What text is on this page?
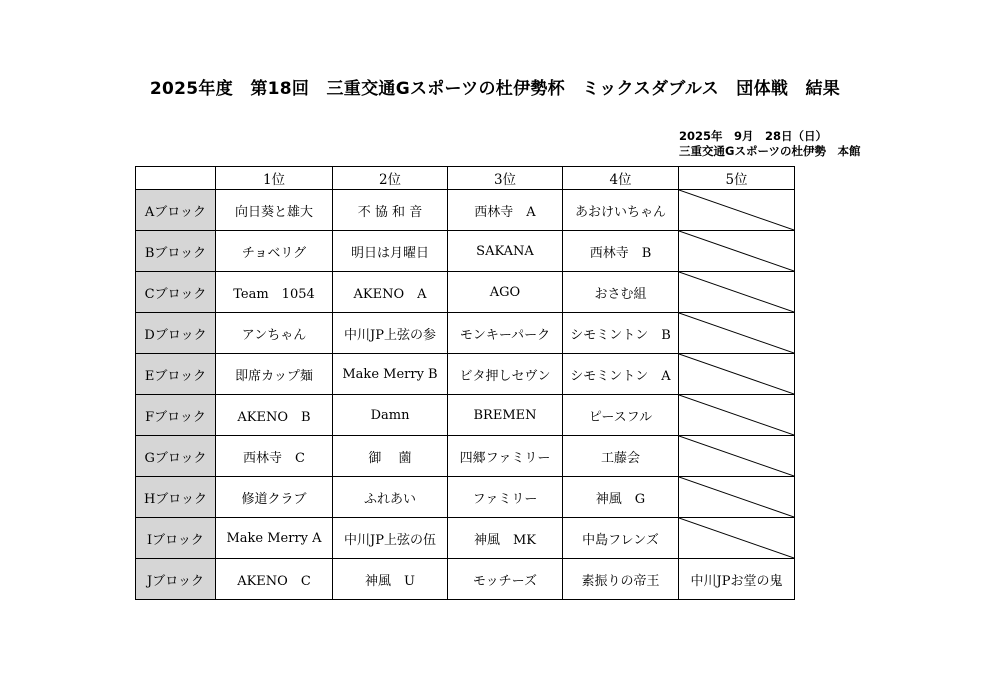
2025年度　第18回　三重交通Gスポーツの杜伊勢杯　ミックスダブルス　団体戦　結果
2025年　9月　28日（日）
三重交通Gスポーツの杜伊勢　本館
	1位	2位	3位	4位	5位
Aブロック	向日葵と雄大	不 協 和 音	西林寺　A	あおけいちゃん	

Bブロック	チョベリグ	明日は月曜日	SAKANA	西林寺　B	

Cブロック	Team　1054	AKENO　A	AGO	おさむ組	

Dブロック	アンちゃん	中川JP上弦の参	モンキーパーク	シモミントン　B	

Eブロック	即席カップ麺	Make Merry B	ビタ押しセヴン	シモミントン　A	

Fブロック	AKENO　B	Damn	BREMEN	ピースフル	

Gブロック	西林寺　C	御　 薗	四郷ファミリー	工藤会	

Hブロック	修道クラブ	ふれあい	ファミリー	神風　G	

Iブロック	Make Merry A	中川JP上弦の伍	神風　MK	中島フレンズ	

Jブロック	AKENO　C	神風　U	モッチーズ	素振りの帝王	中川JPお堂の鬼
